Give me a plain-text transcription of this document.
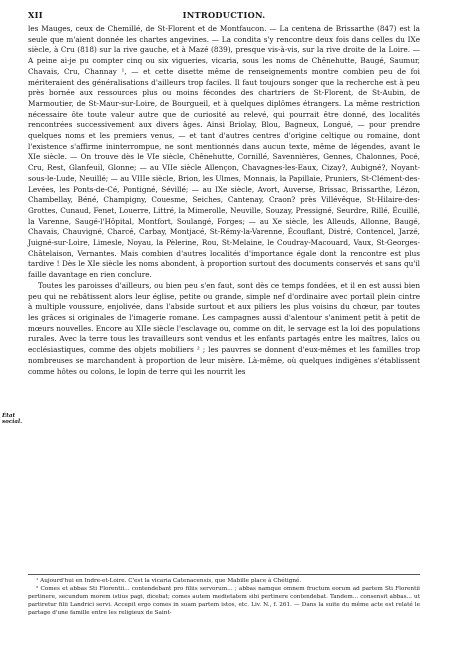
XII	INTRODUCTION.

les Mauges, ceux de Chemillé, de St-Florent et de Montfaucon. — La centena de Brissarthe (847) est la seule que m'aient donnée les chartes angevines. — La condita s'y rencontre deux fois dans celles du IXe siècle, à Cru (818) sur la rive gauche, et à Mazé (839), presque vis-à-vis, sur la rive droite de la Loire. — A peine ai-je pu compter cinq ou six vigueries, vicaria, sous les noms de Chênehutte, Baugé, Saumur, Chavais, Cru, Channay ¹, — et cette disette même de renseignements montre combien peu de foi mériteraient des généralisations d'ailleurs trop faciles. Il faut toujours songer que la recherche est à peu près bornée aux ressources plus ou moins fécondes des chartriers de St-Florent, de St-Aubin, de Marmoutier, de St-Maur-sur-Loire, de Bourgueil, et à quelques diplômes étrangers. La même restriction nécessaire ôte toute valeur autre que de curiosité au relevé, qui pourrait être donné, des localités rencontrées successivement aux divers âges. Ainsi Briolay, Blou, Bagneux, Longué, — pour prendre quelques noms et les premiers venus, — et tant d'autres centres d'origine celtique ou romaine, dont l'existence s'affirme ininterrompue, ne sont mentionnés dans aucun texte, même de légendes, avant le XIe siècle. — On trouve dès le VIe siècle, Chênehutte, Cornillé, Savennières, Gennes, Chalonnes, Pocé, Cru, Rest, Glanfeuil, Glonne; — au VIIe siècle Allençon, Chavagnes-les-Eaux, Cizay?, Aubigné?, Noyant-sous-le-Lude, Neuillé; — au VIIIe siècle, Brion, les Ulmes, Monnais, la Papillaie, Pruniers, St-Clément-des-Levées, les Ponts-de-Cé, Pontigné, Sévillé; — au IXe siècle, Avort, Auverse, Brissac, Brissarthe, Lézon, Chambellay, Béné, Champigny, Couesme, Seiches, Cantenay, Craon? près Villévêque, St-Hilaire-des-Grottes, Cunaud, Fenet, Louerre, Littré, la Mimerolle, Neuville, Souzay, Pressigné, Seurdre, Rillé, Écuillé, la Varenne, Saugé-l'Hôpital, Montfort, Soulangé, Forges; — au Xe siècle, les Alleuds, Allonne, Baugé, Chavais, Chauvigné, Charcé, Carbay, Montjacé, St-Rémy-la-Varenne, Écouflant, Distré, Contencel, Jarzé, Juigné-sur-Loire, Limesle, Noyau, la Pèlerine, Rou, St-Melaine, le Coudray-Macouard, Vaux, St-Georges-Châtelaison, Vernantes. Mais combien d'autres localités d'importance égale dont la rencontre est plus tardive ! Dès le XIe siècle les noms abondent, à proportion surtout des documents conservés et sans qu'il faille davantage en rien conclure.

Toutes les paroisses d'ailleurs, ou bien peu s'en faut, sont dès ce temps fondées, et il en est aussi bien peu qui ne rebâtissent alors leur église, petite ou grande, simple nef d'ordinaire avec portail plein cintre à multiple voussure, enjolivée, dans l'abside surtout et aux piliers les plus voisins du chœur, par toutes les grâces si originales de l'imagerie romane. Les campagnes aussi d'alentour s'animent petit à petit de mœurs nouvelles. Encore au XIIe siècle l'esclavage ou, comme on dit, le servage est la loi des populations rurales. Avec la terre tous les travailleurs sont vendus et les enfants partagés entre les maîtres, laïcs ou ecclésiastiques, comme des objets mobiliers ² ; les pauvres se donnent d'eux-mêmes et les familles trop nombreuses se marchandent à proportion de leur misère. Là-même, où quelques indigènes s'établissent comme hôtes ou colons, le lopin de terre qui les nourrit les

État social.

¹ Aujourd'hui en Indre-et-Loire. C'est la vicaria Catenacensis, que Mabille place à Chétigné.

² Comes et abbas Sti Florentii... contendebant pro filiis servorum... ; abbas namque omnem fructum eorum ad partem Sti Florentii pertinere, secundum morem istius pagi, dicebat; comes autem medietatem sibi pertinere contendebat. Tandem... consensit abbas... ut partiretur filii Landrici servi. Accepit ergo comes in suam partem istos, etc. Liv. N., f. 261. — Dans la suite du même acte est relaté le partage d'une famille entre les religieux de Saint-
